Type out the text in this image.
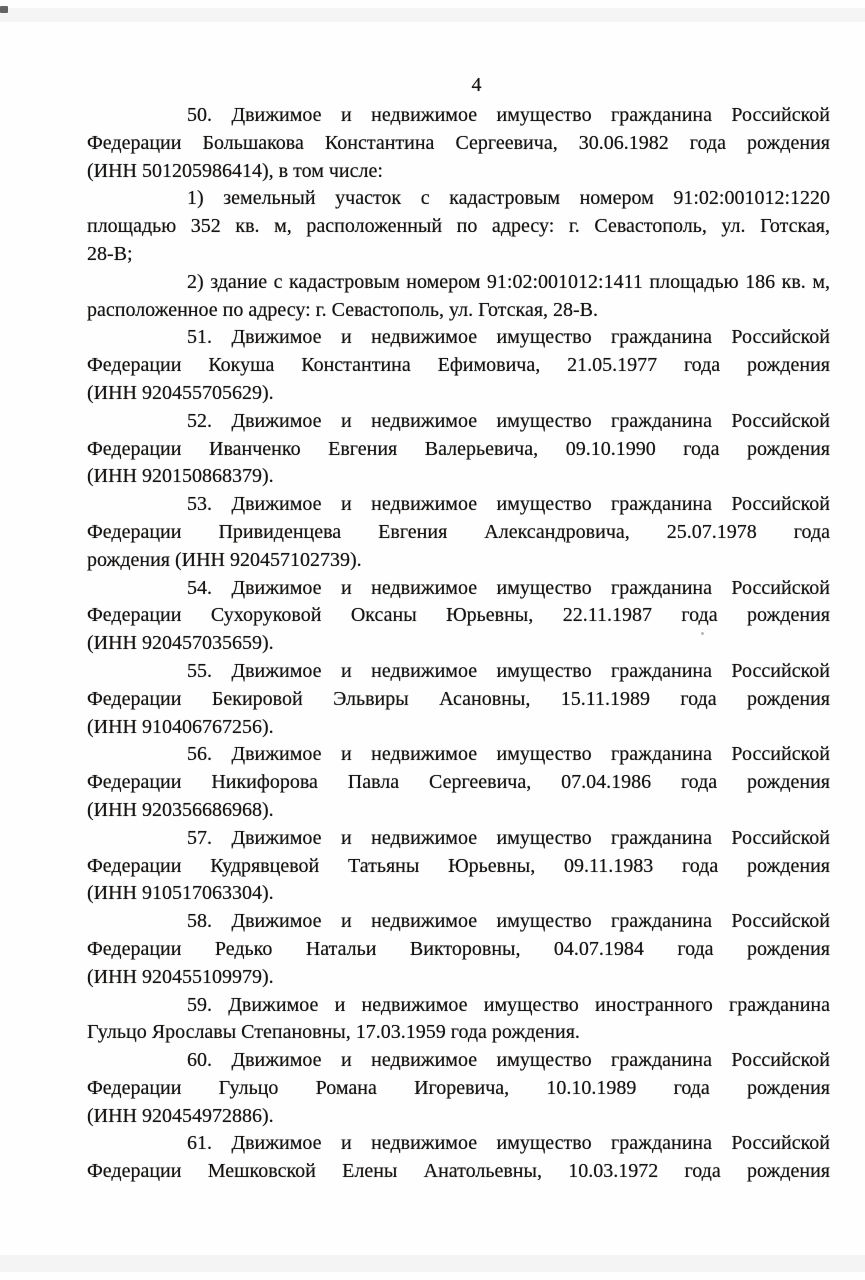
4
50. Движимое и недвижимое имущество гражданина Российской
Федерации Большакова Константина Сергеевича, 30.06.1982 года рождения
(ИНН 501205986414), в том числе:
1) земельный участок с кадастровым номером 91:02:001012:1220
площадью 352 кв. м, расположенный по адресу: г. Севастополь, ул. Готская,
28-В;
2) здание с кадастровым номером 91:02:001012:1411 площадью 186 кв. м,
расположенное по адресу: г. Севастополь, ул. Готская, 28-В.
51. Движимое и недвижимое имущество гражданина Российской
Федерации Кокуша Константина Ефимовича, 21.05.1977 года рождения
(ИНН 920455705629).
52. Движимое и недвижимое имущество гражданина Российской
Федерации Иванченко Евгения Валерьевича, 09.10.1990 года рождения
(ИНН 920150868379).
53. Движимое и недвижимое имущество гражданина Российской
Федерации Привиденцева Евгения Александровича, 25.07.1978 года
рождения (ИНН 920457102739).
54. Движимое и недвижимое имущество гражданина Российской
Федерации Сухоруковой Оксаны Юрьевны, 22.11.1987 года рождения
(ИНН 920457035659).
55. Движимое и недвижимое имущество гражданина Российской
Федерации Бекировой Эльвиры Асановны, 15.11.1989 года рождения
(ИНН 910406767256).
56. Движимое и недвижимое имущество гражданина Российской
Федерации Никифорова Павла Сергеевича, 07.04.1986 года рождения
(ИНН 920356686968).
57. Движимое и недвижимое имущество гражданина Российской
Федерации Кудрявцевой Татьяны Юрьевны, 09.11.1983 года рождения
(ИНН 910517063304).
58. Движимое и недвижимое имущество гражданина Российской
Федерации Редько Натальи Викторовны, 04.07.1984 года рождения
(ИНН 920455109979).
59. Движимое и недвижимое имущество иностранного гражданина
Гульцо Ярославы Степановны, 17.03.1959 года рождения.
60. Движимое и недвижимое имущество гражданина Российской
Федерации Гульцо Романа Игоревича, 10.10.1989 года рождения
(ИНН 920454972886).
61. Движимое и недвижимое имущество гражданина Российской
Федерации Мешковской Елены Анатольевны, 10.03.1972 года рождения
